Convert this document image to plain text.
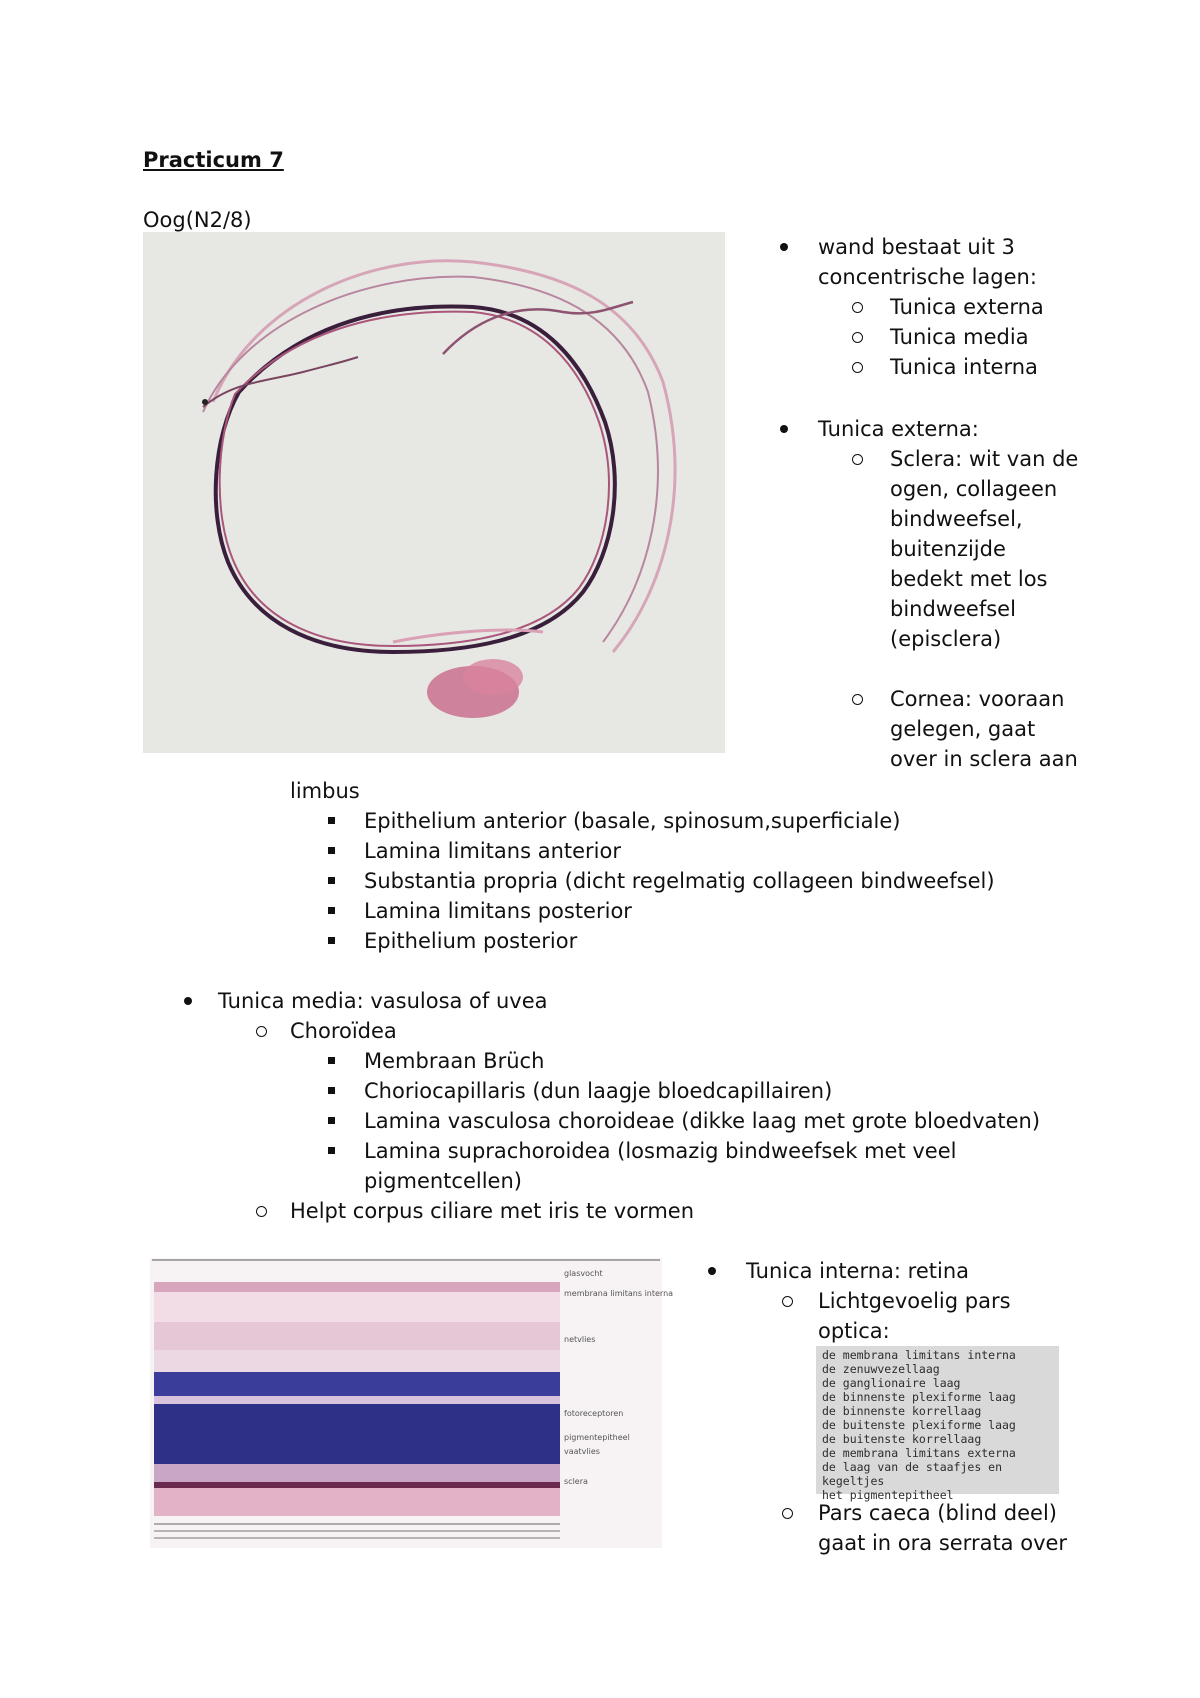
Practicum 7
Oog(N2/8)
wand bestaat uit 3
concentrische lagen:
Tunica externa
Tunica media
Tunica interna
Tunica externa:
Sclera: wit van de
ogen, collageen
bindweefsel,
buitenzijde
bedekt met los
bindweefsel
(episclera)
Cornea: vooraan
gelegen, gaat
over in sclera aan
limbus
Epithelium anterior (basale, spinosum,superficiale)
Lamina limitans anterior
Substantia propria (dicht regelmatig collageen bindweefsel)
Lamina limitans posterior
Epithelium posterior
Tunica media: vasulosa of uvea
Choroïdea
Membraan Brüch
Choriocapillaris (dun laagje bloedcapillairen)
Lamina vasculosa choroideae (dikke laag met grote bloedvaten)
Lamina suprachoroidea (losmazig bindweefsek met veel
pigmentcellen)
Helpt corpus ciliare met iris te vormen
glasvocht
membrana limitans interna
netvlies
fotoreceptoren
pigmentepitheel
vaatvlies
sclera
Tunica interna: retina
Lichtgevoelig pars
optica:
de membrana limitans interna
de zenuwvezellaag
de ganglionaire laag
de binnenste plexiforme laag
de binnenste korrellaag
de buitenste plexiforme laag
de buitenste korrellaag
de membrana limitans externa
de laag van de staafjes en kegeltjes
het pigmentepitheel
Pars caeca (blind deel)
gaat in ora serrata over
